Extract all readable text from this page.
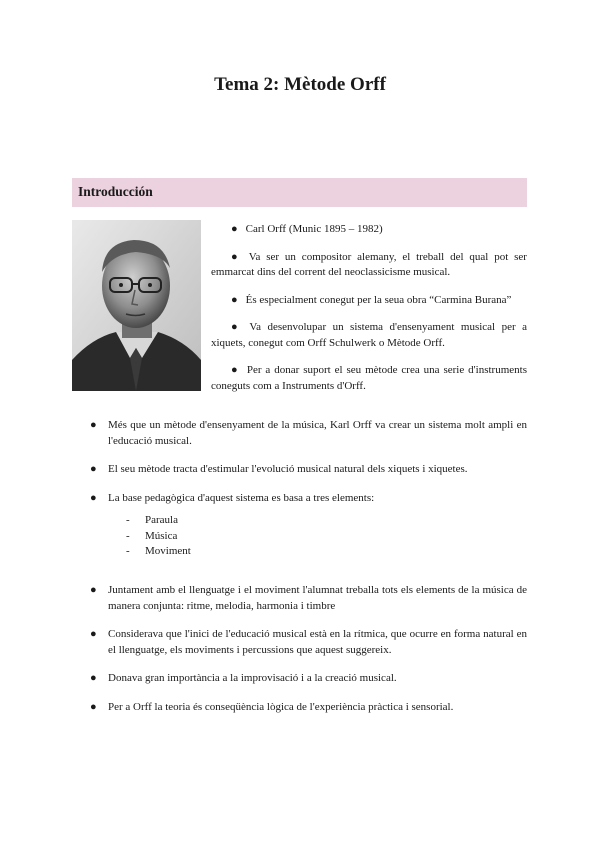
Tema 2: Mètode Orff
Introducción
● Carl Orff (Munic 1895 – 1982)
● Va ser un compositor alemany, el treball del qual pot ser emmarcat dins del corrent del neoclassicisme musical.
● És especialment conegut per la seua obra “Carmina Burana”
● Va desenvolupar un sistema d'ensenyament musical per a xiquets, conegut com Orff Schulwerk o Mètode Orff.
● Per a donar suport el seu mètode crea una serie d'instruments coneguts com a Instruments d'Orff.
● Més que un mètode d'ensenyament de la música, Karl Orff va crear un sistema molt ampli en l'educació musical.
● El seu mètode tracta d'estimular l'evolució musical natural dels xiquets i xiquetes.
● La base pedagògica d'aquest sistema es basa a tres elements:
- Paraula
- Música
- Moviment
● Juntament amb el llenguatge i el moviment l'alumnat treballa tots els elements de la música de manera conjunta: ritme, melodia, harmonia i timbre
● Considerava que l'inici de l'educació musical està en la rítmica, que ocurre en forma natural en el llenguatge, els moviments i percussions que aquest suggereix.
● Donava gran importància a la improvisació i a la creació musical.
● Per a Orff la teoria és conseqüència lògica de l'experiència pràctica i sensorial.
